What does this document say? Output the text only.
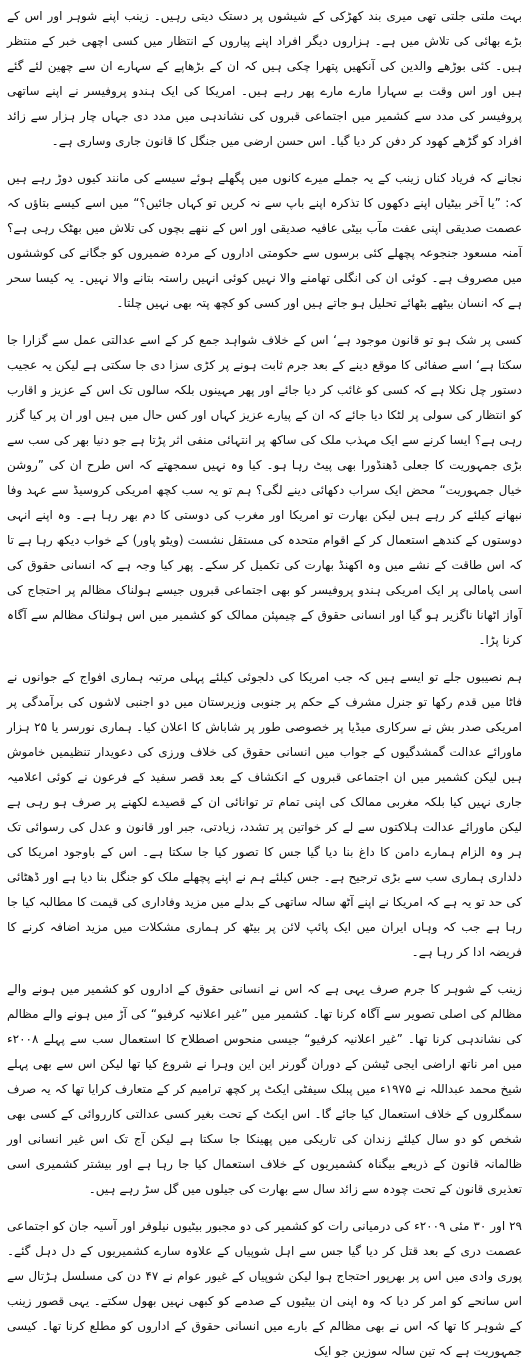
بہت ملتی جلتی تھی میری بند کھڑکی کے شیشوں پر دستک دیتی رہیں۔ زینب اپنے شوہر اور اس کے بڑے بھائی کی تلاش میں ہے۔ ہزاروں دیگر افراد اپنے پیاروں کے انتظار میں کسی اچھی خبر کے منتظر ہیں۔ کئی بوڑھے والدین کی آنکھیں پتھرا چکی ہیں کہ ان کے بڑھاپے کے سہارے ان سے چھین لئے گئے ہیں اور اس وقت بے سہارا مارے مارے پھر رہے ہیں۔ امریکا کی ایک ہندو پروفیسر نے اپنے ساتھی پروفیسر کی مدد سے کشمیر میں اجتماعی قبروں کی نشاندہی میں مدد دی جہاں چار ہزار سے زائد افراد کو گڑھے کھود کر دفن کر دیا گیا۔ اس حسن ارضی میں جنگل کا قانون جاری وساری ہے۔

نجانے کہ فریاد کناں زینب کے یہ جملے میرے کانوں میں پگھلے ہوئے سیسے کی مانند کیوں دوڑ رہے ہیں کہ: ”یا آخر بیٹیاں اپنے دکھوں کا تذکرہ اپنے باپ سے نہ کریں تو کہاں جائیں؟“ میں اسے کیسے بتاؤں کہ عصمت صدیقی اپنی عفت مآب بیٹی عافیہ صدیقی اور اس کے ننھے بچوں کی تلاش میں بھٹک رہی ہے؟ آمنہ مسعود جنجوعہ پچھلے کئی برسوں سے حکومتی اداروں کے مردہ ضمیروں کو جگانے کی کوششوں میں مصروف ہے۔ کوئی ان کی انگلی تھامنے والا نہیں کوئی انہیں راستہ بتانے والا نہیں۔ یہ کیسا سحر ہے کہ انسان بیٹھے بٹھائے تحلیل ہو جاتے ہیں اور کسی کو کچھ پتہ بھی نہیں چلتا۔

کسی پر شک ہو تو قانون موجود ہے‘ اس کے خلاف شواہد جمع کر کے اسے عدالتی عمل سے گزارا جا سکتا ہے‘ اسے صفائی کا موقع دینے کے بعد جرم ثابت ہونے پر کڑی سزا دی جا سکتی ہے لیکن یہ عجیب دستور چل نکلا ہے کہ کسی کو غائب کر دیا جائے اور پھر مہینوں بلکہ سالوں تک اس کے عزیز و اقارب کو انتظار کی سولی پر لٹکا دیا جائے کہ ان کے پیارے عزیز کہاں اور کس حال میں ہیں اور ان پر کیا گزر رہی ہے؟ ایسا کرنے سے ایک مہذب ملک کی ساکھ پر انتہائی منفی اثر پڑتا ہے جو دنیا بھر کی سب سے بڑی جمہوریت کا جعلی ڈھنڈورا بھی پیٹ رہا ہو۔ کیا وہ نہیں سمجھتے کہ اس طرح ان کی ”روشن خیال جمہوریت“ محض ایک سراب دکھائی دینے لگی؟ ہم تو یہ سب کچھ امریکی کروسیڈ سے عہد وفا نبھانے کیلئے کر رہے ہیں لیکن بھارت تو امریکا اور مغرب کی دوستی کا دم بھر رہا ہے۔ وہ اپنے انہی دوستوں کے کندھے استعمال کر کے اقوام متحدہ کی مستقل نشست (ویٹو پاور) کے خواب دیکھ رہا ہے تا کہ اس طاقت کے نشے میں وہ اکھنڈ بھارت کی تکمیل کر سکے۔ پھر کیا وجہ ہے کہ انسانی حقوق کی اسی پامالی پر ایک امریکی ہندو پروفیسر کو بھی اجتماعی قبروں جیسے ہولناک مظالم پر احتجاج کی آواز اٹھانا ناگزیر ہو گیا اور انسانی حقوق کے چیمپئن ممالک کو کشمیر میں اس ہولناک مظالم سے آگاہ کرنا پڑا۔

ہم نصیبوں جلے تو ایسے ہیں کہ جب امریکا کی دلجوئی کیلئے پہلی مرتبہ ہماری افواج کے جوانوں نے فاٹا میں قدم رکھا تو جنرل مشرف کے حکم پر جنوبی وزیرستان میں دو اجنبی لاشوں کی برآمدگی پر امریکی صدر بش نے سرکاری میڈیا پر خصوصی طور پر شاباش کا اعلان کیا۔ ہماری نورسر یا ۲۵ ہزار ماورائے عدالت گمشدگیوں کے جواب میں انسانی حقوق کی خلاف ورزی کی دعویدار تنظیمیں خاموش ہیں لیکن کشمیر میں ان اجتماعی قبروں کے انکشاف کے بعد قصر سفید کے فرعون نے کوئی اعلامیہ جاری نہیں کیا بلکہ مغربی ممالک کی اپنی تمام تر توانائی ان کے قصیدے لکھنے پر صرف ہو رہی ہے لیکن ماورائے عدالت ہلاکتوں سے لے کر خواتین پر تشدد، زیادتی، جبر اور قانون و عدل کی رسوائی تک ہر وہ الزام ہمارے دامن کا داغ بنا دیا گیا جس کا تصور کیا جا سکتا ہے۔ اس کے باوجود امریکا کی دلداری ہماری سب سے بڑی ترجیح ہے۔ جس کیلئے ہم نے اپنے پچھلے ملک کو جنگل بنا دیا ہے اور ڈھٹائی کی حد تو یہ ہے کہ امریکا نے اپنے آٹھ سالہ ساتھی کے بدلے میں مزید وفاداری کی قیمت کا مطالبہ کیا جا رہا ہے جب کہ وہاں ایران میں ایک پائپ لائن پر بیٹھ کر ہماری مشکلات میں مزید اضافہ کرنے کا فریضہ ادا کر رہا ہے۔

زینب کے شوہر کا جرم صرف یہی ہے کہ اس نے انسانی حقوق کے اداروں کو کشمیر میں ہونے والے مظالم کی اصلی تصویر سے آگاہ کرنا تھا۔ کشمیر میں ”غیر اعلانیہ کرفیو“ کی آڑ میں ہونے والے مظالم کی نشاندہی کرنا تھا۔ ”غیر اعلانیہ کرفیو“ جیسی منحوس اصطلاح کا استعمال سب سے پہلے ۲۰۰۸ء میں امر ناتھ اراضی ایجی ٹیشن کے دوران گورنر این این وہرا نے شروع کیا تھا لیکن اس سے بھی پہلے شیخ محمد عبداللہ نے ۱۹۷۵ء میں پبلک سیفٹی ایکٹ پر کچھ ترامیم کر کے متعارف کرایا تھا کہ یہ صرف سمگلروں کے خلاف استعمال کیا جائے گا۔ اس ایکٹ کے تحت بغیر کسی عدالتی کارروائی کے کسی بھی شخص کو دو سال کیلئے زندان کی تاریکی میں پھینکا جا سکتا ہے لیکن آج تک اس غیر انسانی اور ظالمانہ قانون کے ذریعے بیگناہ کشمیریوں کے خلاف استعمال کیا جا رہا ہے اور بیشتر کشمیری اسی تعذیری قانون کے تحت چودہ سے زائد سال سے بھارت کی جیلوں میں گل سڑ رہے ہیں۔

۲۹ اور ۳۰ مئی ۲۰۰۹ء کی درمیانی رات کو کشمیر کی دو مجبور بیٹیوں نیلوفر اور آسیہ جان کو اجتماعی عصمت دری کے بعد قتل کر دیا گیا جس سے اہل شوپیاں کے علاوہ سارے کشمیریوں کے دل دہل گئے۔ پوری وادی میں اس پر بھرپور احتجاج ہوا لیکن شوپیاں کے غیور عوام نے ۴۷ دن کی مسلسل ہڑتال سے اس سانحے کو امر کر دیا کہ وہ اپنی ان بیٹیوں کے صدمے کو کبھی نہیں بھول سکتے۔ یہی قصور زینب کے شوہر کا تھا کہ اس نے بھی مظالم کے بارے میں انسانی حقوق کے اداروں کو مطلع کرنا تھا۔ کیسی جمہوریت ہے کہ تین سالہ سوزین جو ایک
